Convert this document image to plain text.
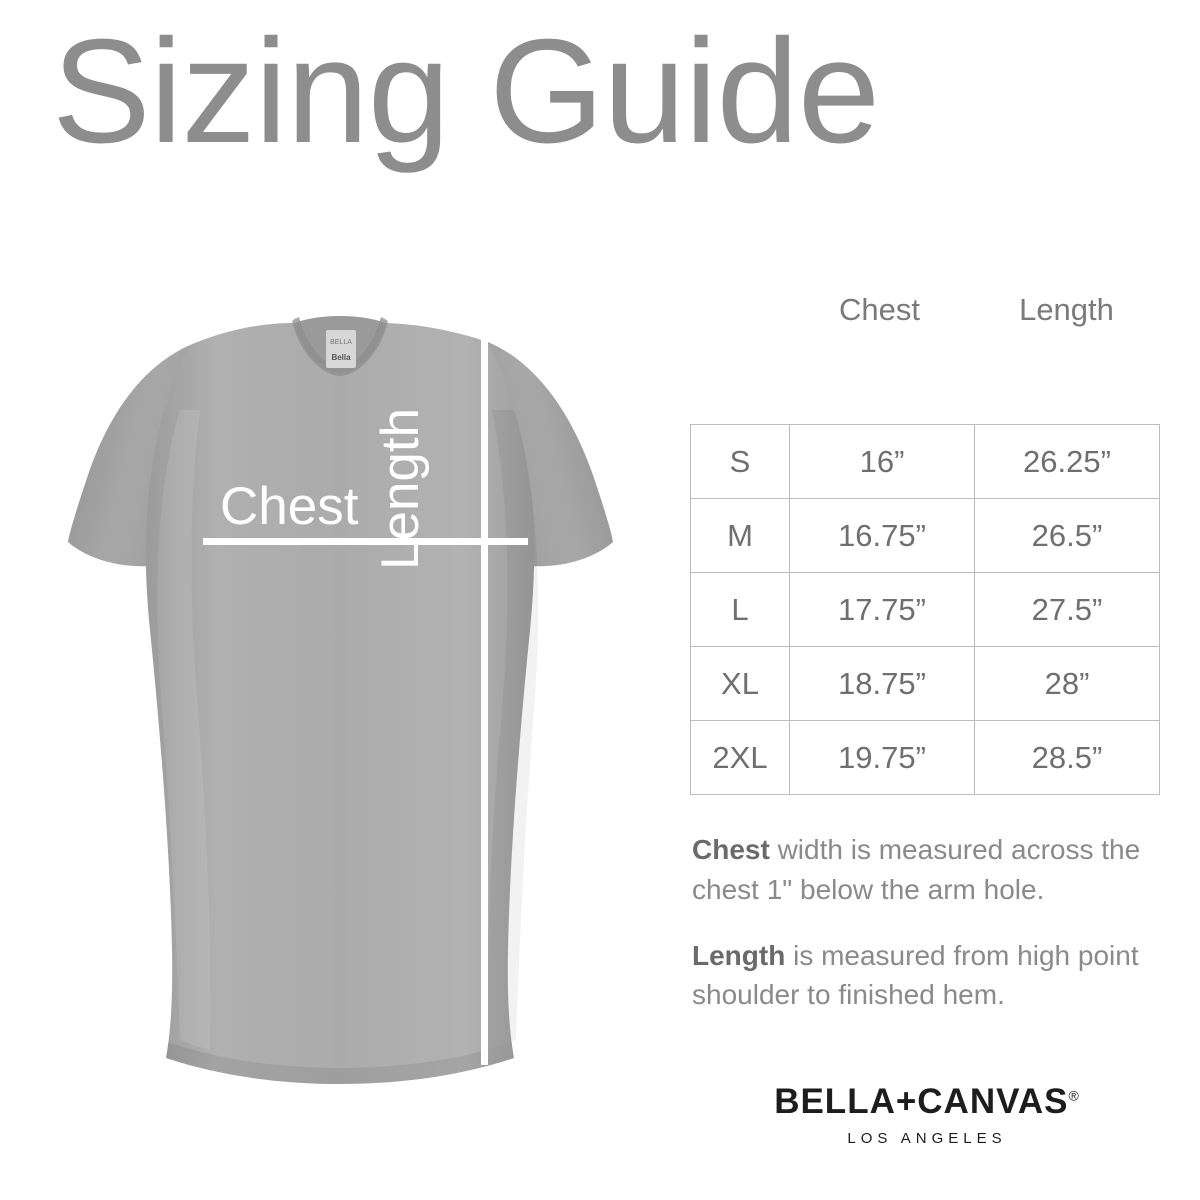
Sizing Guide
BELLA
Bella
Chest Length
Chest	Length
S	16”	26.25”
M	16.75”	26.5”
L	17.75”	27.5”
XL	18.75”	28”
2XL	19.75”	28.5”
Chest width is measured across the chest 1" below the arm hole.
Length is measured from high point shoulder to finished hem.
BELLA+CANVAS®
LOS ANGELES
